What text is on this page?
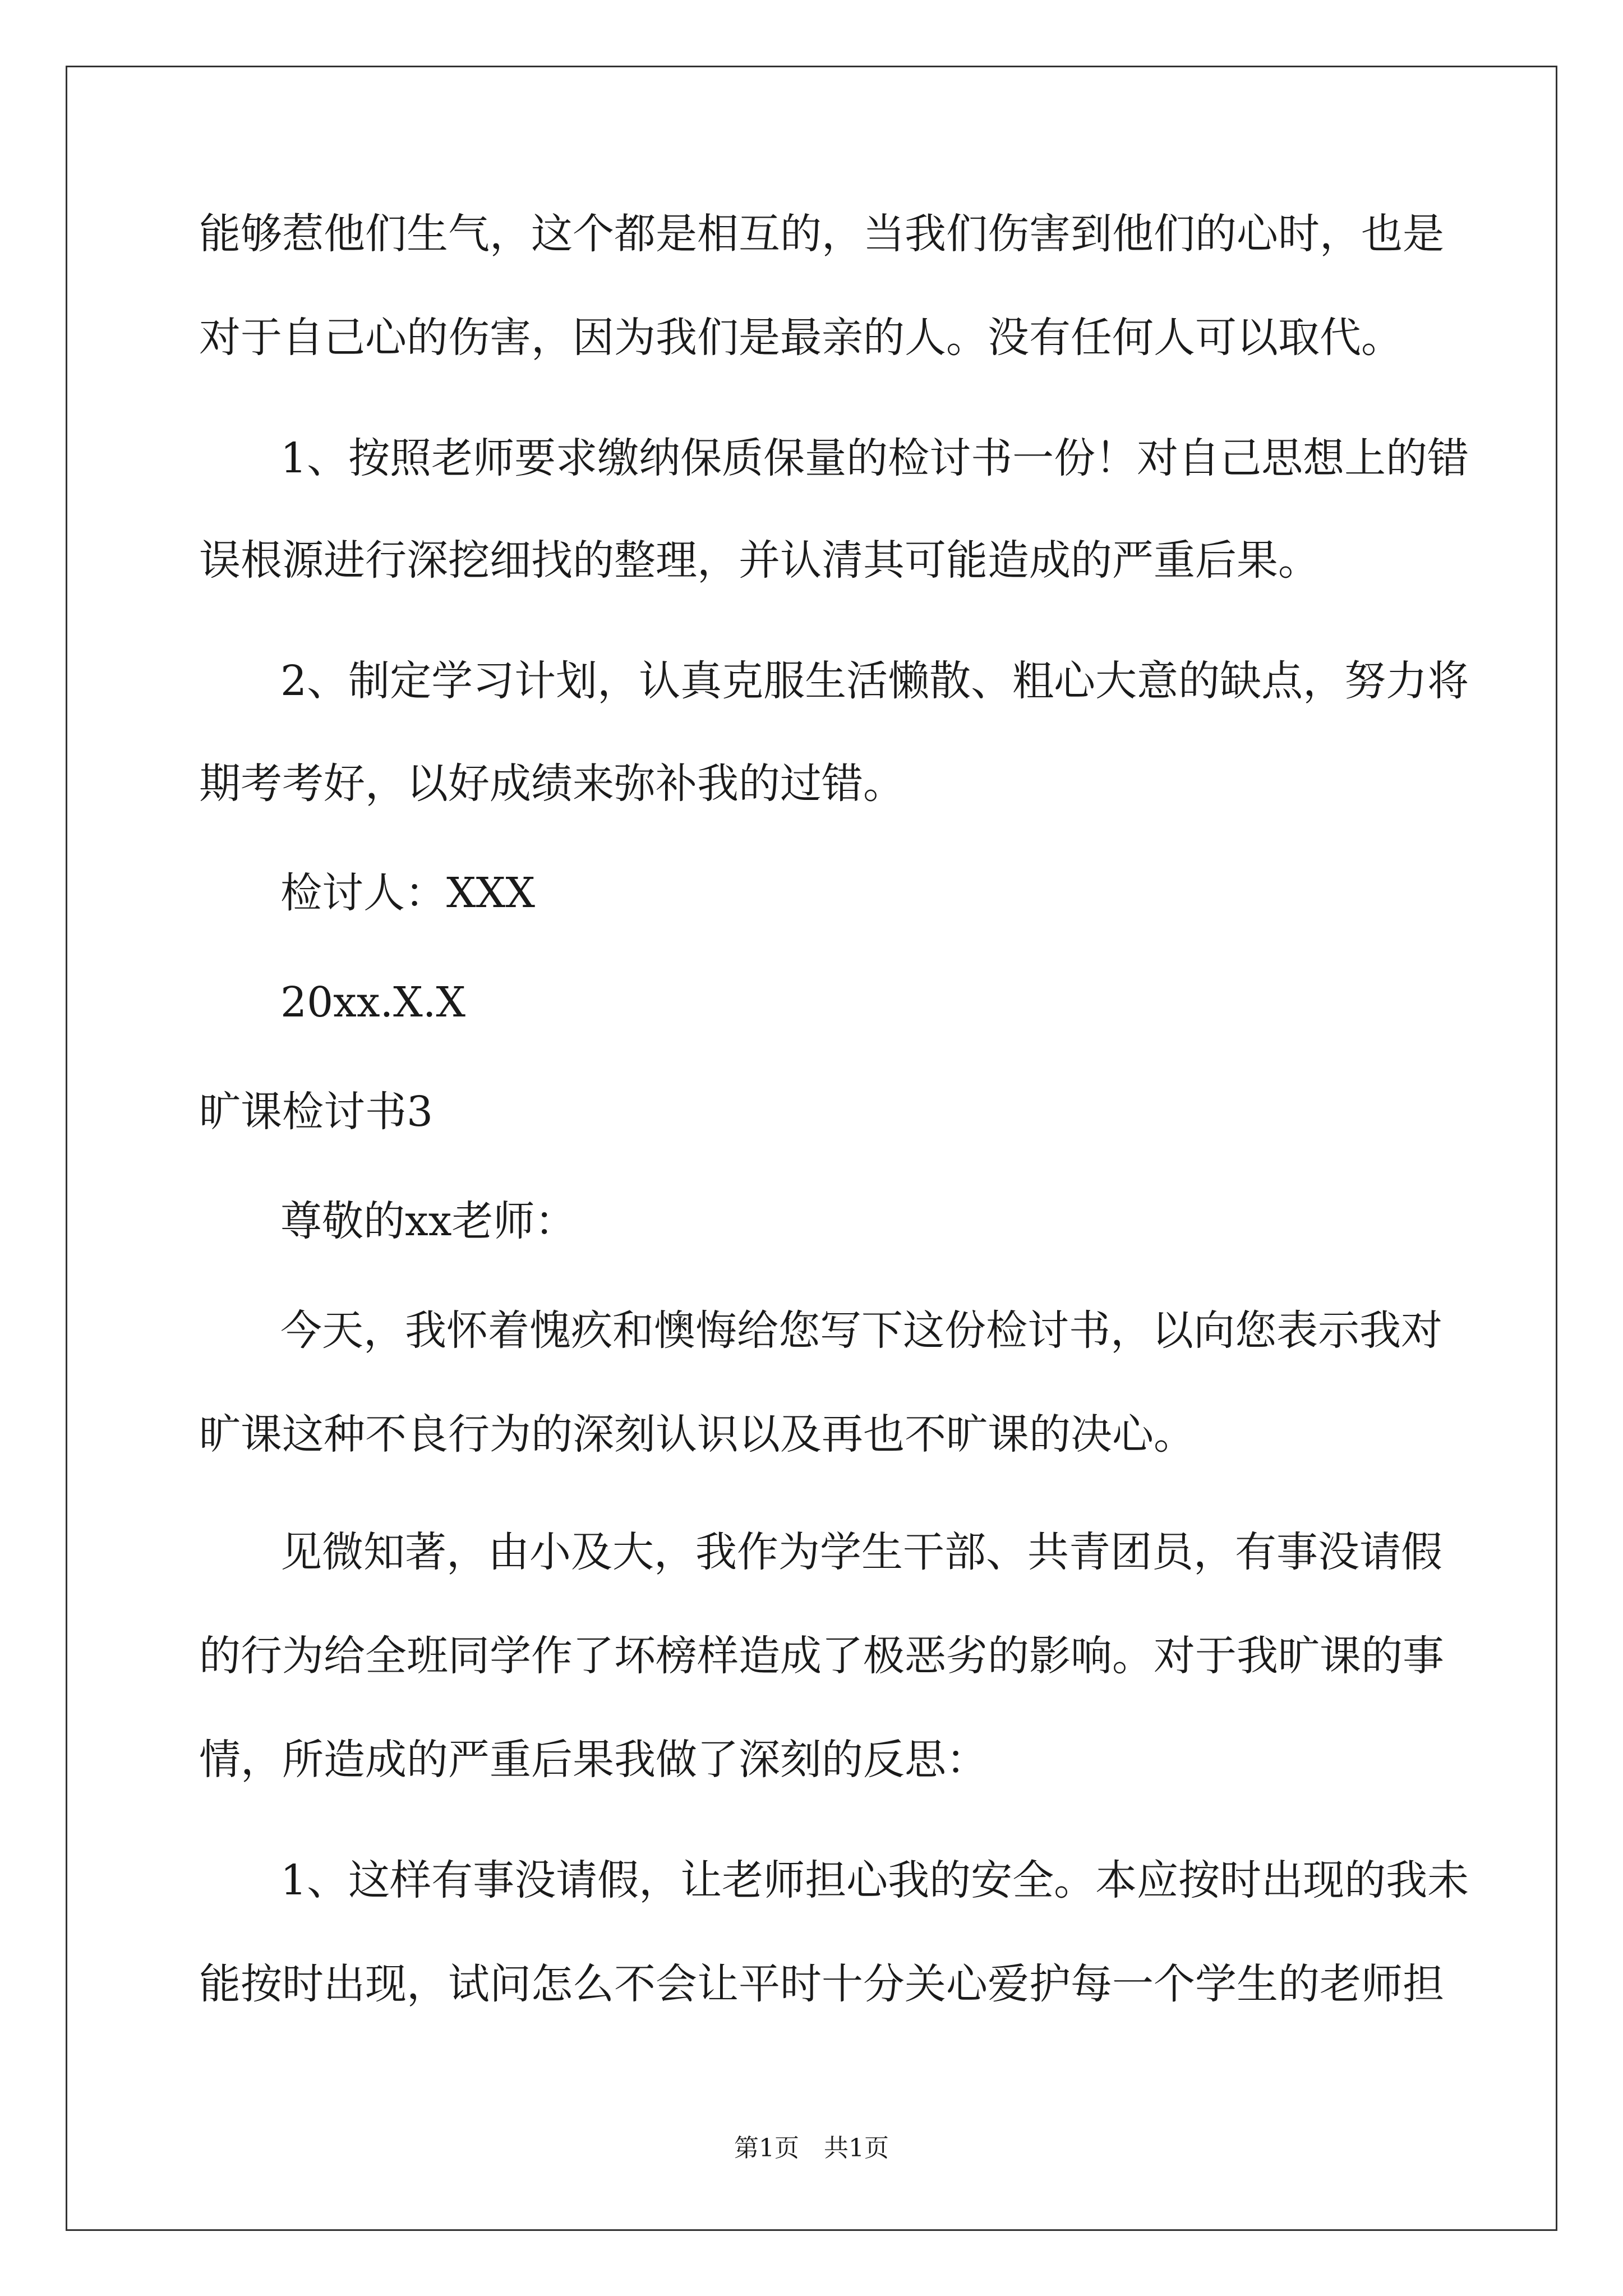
能够惹他们生气，这个都是相互的，当我们伤害到他们的心时，也是
对于自己心的伤害，因为我们是最亲的人。没有任何人可以取代。
1、按照老师要求缴纳保质保量的检讨书一份！对自己思想上的错
误根源进行深挖细找的整理，并认清其可能造成的严重后果。
2、制定学习计划，认真克服生活懒散、粗心大意的缺点，努力将
期考考好，以好成绩来弥补我的过错。
检讨人：XXX
20xx.X.X
旷课检讨书3
尊敬的xx老师：
今天，我怀着愧疚和懊悔给您写下这份检讨书，以向您表示我对
旷课这种不良行为的深刻认识以及再也不旷课的决心。
见微知著，由小及大，我作为学生干部、共青团员，有事没请假
的行为给全班同学作了坏榜样造成了极恶劣的影响。对于我旷课的事
情，所造成的严重后果我做了深刻的反思：
1、这样有事没请假，让老师担心我的安全。本应按时出现的我未
能按时出现，试问怎么不会让平时十分关心爱护每一个学生的老师担
第1页　共1页
